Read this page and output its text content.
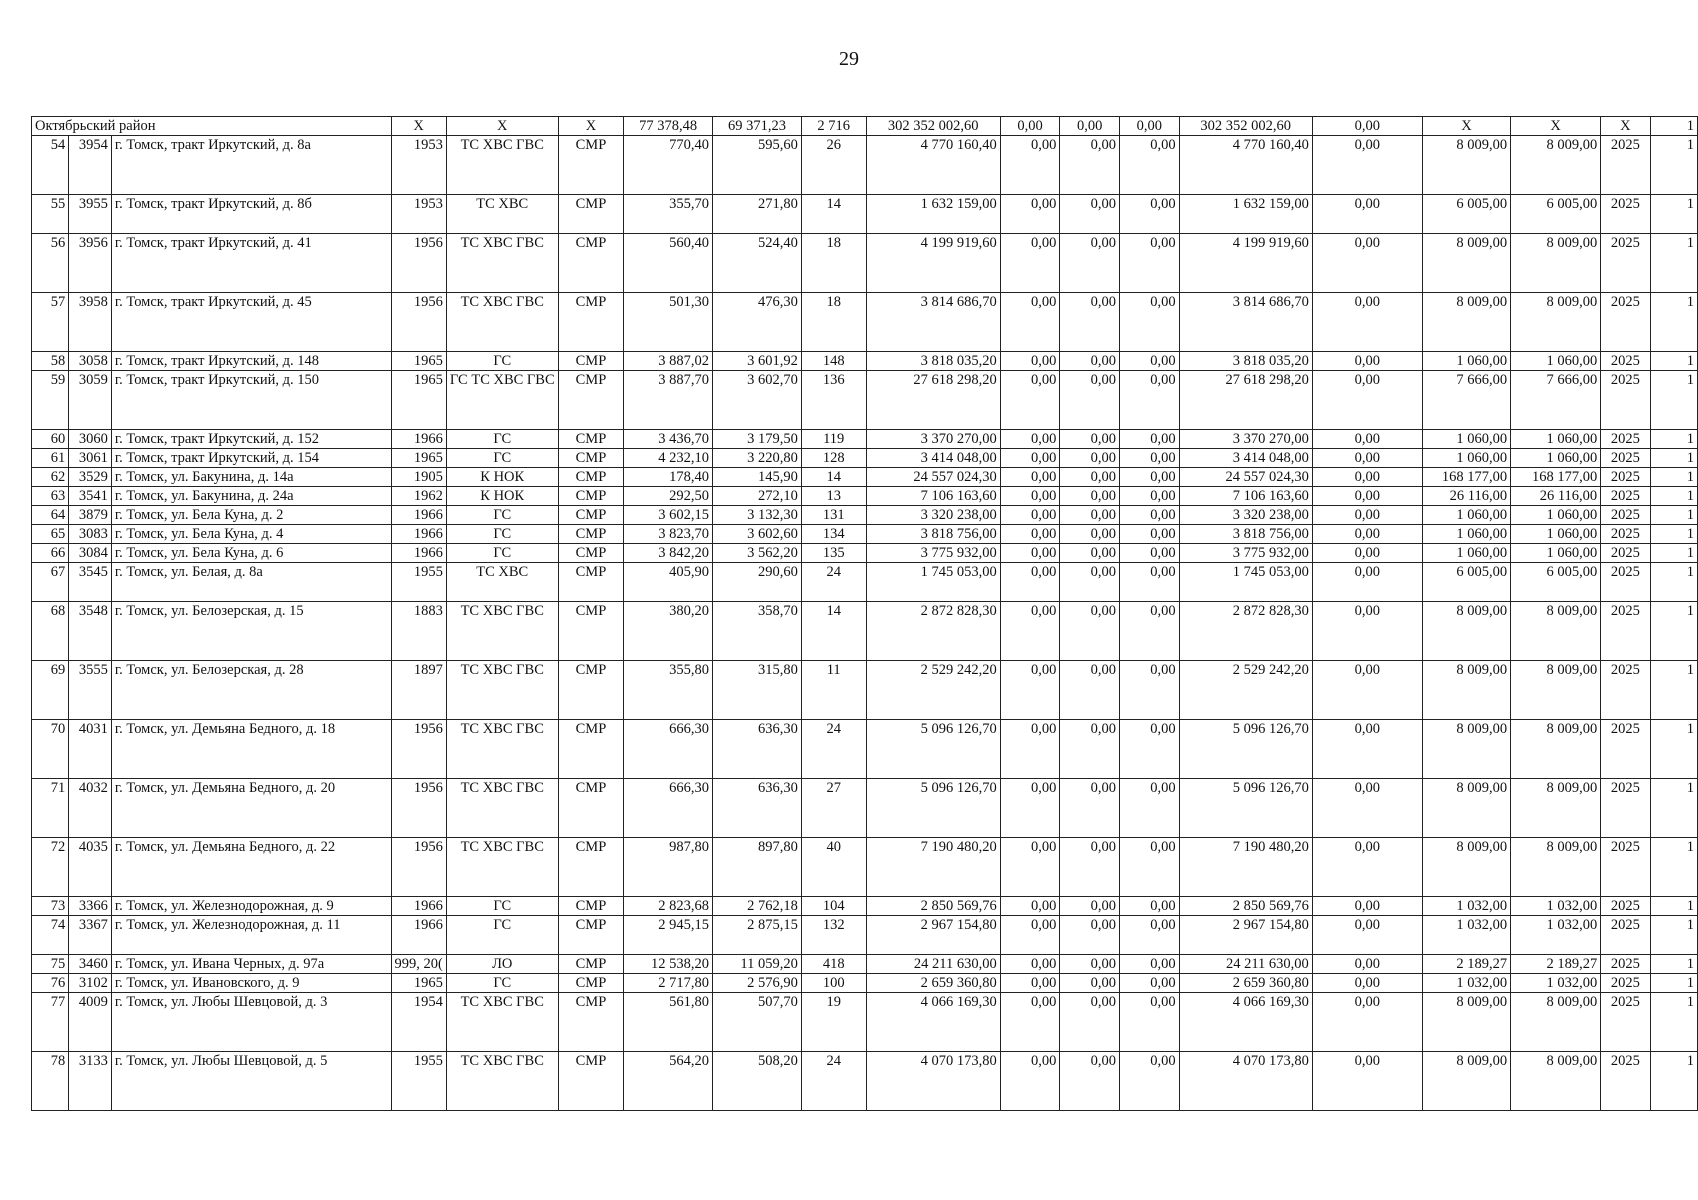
29
Октябрьский район			X	X	X	77 378,48	69 371,23	2 716	302 352 002,60	0,00	0,00	0,00	302 352 002,60	0,00	X	X	X	1
54	3954	г. Томск, тракт Иркутский, д. 8а	1953	ТС ХВС ГВС	СМР	770,40	595,60	26	4 770 160,40	0,00	0,00	0,00	4 770 160,40	0,00	8 009,00	8 009,00	2025	1
55	3955	г. Томск, тракт Иркутский, д. 8б	1953	ТС ХВС	СМР	355,70	271,80	14	1 632 159,00	0,00	0,00	0,00	1 632 159,00	0,00	6 005,00	6 005,00	2025	1
56	3956	г. Томск, тракт Иркутский, д. 41	1956	ТС ХВС ГВС	СМР	560,40	524,40	18	4 199 919,60	0,00	0,00	0,00	4 199 919,60	0,00	8 009,00	8 009,00	2025	1
57	3958	г. Томск, тракт Иркутский, д. 45	1956	ТС ХВС ГВС	СМР	501,30	476,30	18	3 814 686,70	0,00	0,00	0,00	3 814 686,70	0,00	8 009,00	8 009,00	2025	1
58	3058	г. Томск, тракт Иркутский, д. 148	1965	ГС	СМР	3 887,02	3 601,92	148	3 818 035,20	0,00	0,00	0,00	3 818 035,20	0,00	1 060,00	1 060,00	2025	1
59	3059	г. Томск, тракт Иркутский, д. 150	1965	ГС ТС ХВС ГВС	СМР	3 887,70	3 602,70	136	27 618 298,20	0,00	0,00	0,00	27 618 298,20	0,00	7 666,00	7 666,00	2025	1
60	3060	г. Томск, тракт Иркутский, д. 152	1966	ГС	СМР	3 436,70	3 179,50	119	3 370 270,00	0,00	0,00	0,00	3 370 270,00	0,00	1 060,00	1 060,00	2025	1
61	3061	г. Томск, тракт Иркутский, д. 154	1965	ГС	СМР	4 232,10	3 220,80	128	3 414 048,00	0,00	0,00	0,00	3 414 048,00	0,00	1 060,00	1 060,00	2025	1
62	3529	г. Томск, ул. Бакунина, д. 14а	1905	К НОК	СМР	178,40	145,90	14	24 557 024,30	0,00	0,00	0,00	24 557 024,30	0,00	168 177,00	168 177,00	2025	1
63	3541	г. Томск, ул. Бакунина, д. 24а	1962	К НОК	СМР	292,50	272,10	13	7 106 163,60	0,00	0,00	0,00	7 106 163,60	0,00	26 116,00	26 116,00	2025	1
64	3879	г. Томск, ул. Бела Куна, д. 2	1966	ГС	СМР	3 602,15	3 132,30	131	3 320 238,00	0,00	0,00	0,00	3 320 238,00	0,00	1 060,00	1 060,00	2025	1
65	3083	г. Томск, ул. Бела Куна, д. 4	1966	ГС	СМР	3 823,70	3 602,60	134	3 818 756,00	0,00	0,00	0,00	3 818 756,00	0,00	1 060,00	1 060,00	2025	1
66	3084	г. Томск, ул. Бела Куна, д. 6	1966	ГС	СМР	3 842,20	3 562,20	135	3 775 932,00	0,00	0,00	0,00	3 775 932,00	0,00	1 060,00	1 060,00	2025	1
67	3545	г. Томск, ул. Белая, д. 8а	1955	ТС ХВС	СМР	405,90	290,60	24	1 745 053,00	0,00	0,00	0,00	1 745 053,00	0,00	6 005,00	6 005,00	2025	1
68	3548	г. Томск, ул. Белозерская, д. 15	1883	ТС ХВС ГВС	СМР	380,20	358,70	14	2 872 828,30	0,00	0,00	0,00	2 872 828,30	0,00	8 009,00	8 009,00	2025	1
69	3555	г. Томск, ул. Белозерская, д. 28	1897	ТС ХВС ГВС	СМР	355,80	315,80	11	2 529 242,20	0,00	0,00	0,00	2 529 242,20	0,00	8 009,00	8 009,00	2025	1
70	4031	г. Томск, ул. Демьяна Бедного, д. 18	1956	ТС ХВС ГВС	СМР	666,30	636,30	24	5 096 126,70	0,00	0,00	0,00	5 096 126,70	0,00	8 009,00	8 009,00	2025	1
71	4032	г. Томск, ул. Демьяна Бедного, д. 20	1956	ТС ХВС ГВС	СМР	666,30	636,30	27	5 096 126,70	0,00	0,00	0,00	5 096 126,70	0,00	8 009,00	8 009,00	2025	1
72	4035	г. Томск, ул. Демьяна Бедного, д. 22	1956	ТС ХВС ГВС	СМР	987,80	897,80	40	7 190 480,20	0,00	0,00	0,00	7 190 480,20	0,00	8 009,00	8 009,00	2025	1
73	3366	г. Томск, ул. Железнодорожная, д. 9	1966	ГС	СМР	2 823,68	2 762,18	104	2 850 569,76	0,00	0,00	0,00	2 850 569,76	0,00	1 032,00	1 032,00	2025	1
74	3367	г. Томск, ул. Железнодорожная, д. 11	1966	ГС	СМР	2 945,15	2 875,15	132	2 967 154,80	0,00	0,00	0,00	2 967 154,80	0,00	1 032,00	1 032,00	2025	1
75	3460	г. Томск, ул. Ивана Черных, д. 97а	999, 20(	ЛО	СМР	12 538,20	11 059,20	418	24 211 630,00	0,00	0,00	0,00	24 211 630,00	0,00	2 189,27	2 189,27	2025	1
76	3102	г. Томск, ул. Ивановского, д. 9	1965	ГС	СМР	2 717,80	2 576,90	100	2 659 360,80	0,00	0,00	0,00	2 659 360,80	0,00	1 032,00	1 032,00	2025	1
77	4009	г. Томск, ул. Любы Шевцовой, д. 3	1954	ТС ХВС ГВС	СМР	561,80	507,70	19	4 066 169,30	0,00	0,00	0,00	4 066 169,30	0,00	8 009,00	8 009,00	2025	1
78	3133	г. Томск, ул. Любы Шевцовой, д. 5	1955	ТС ХВС ГВС	СМР	564,20	508,20	24	4 070 173,80	0,00	0,00	0,00	4 070 173,80	0,00	8 009,00	8 009,00	2025	1
